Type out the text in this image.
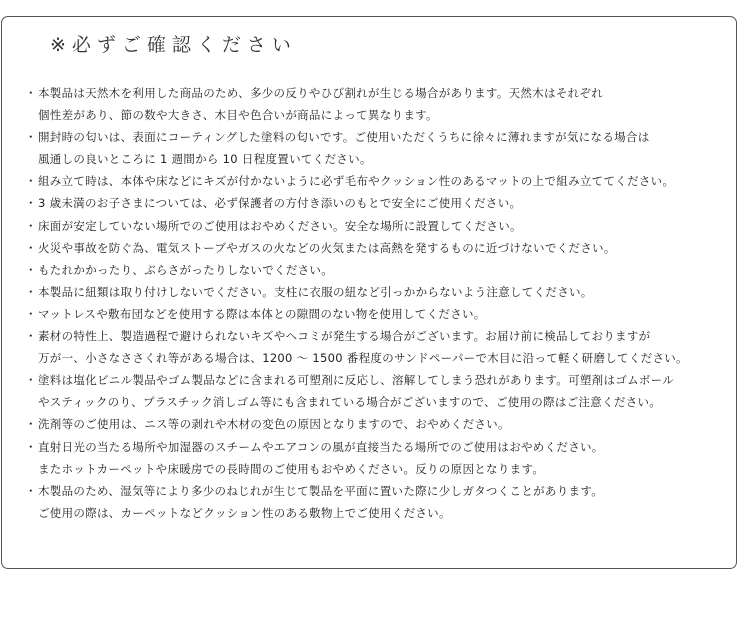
※必ずご確認ください
・本製品は天然木を利用した商品のため、多少の反りやひび割れが生じる場合があります。天然木はそれぞれ
個性差があり、節の数や大きさ、木目や色合いが商品によって異なります。
・開封時の匂いは、表面にコーティングした塗料の匂いです。ご使用いただくうちに徐々に薄れますが気になる場合は
風通しの良いところに 1 週間から 10 日程度置いてください。
・組み立て時は、本体や床などにキズが付かないように必ず毛布やクッション性のあるマットの上で組み立ててください。
・3 歳未満のお子さまについては、必ず保護者の方付き添いのもとで安全にご使用ください。
・床面が安定していない場所でのご使用はおやめください。安全な場所に設置してください。
・火災や事故を防ぐ為、電気ストーブやガスの火などの火気または高熱を発するものに近づけないでください。
・もたれかかったり、ぶらさがったりしないでください。
・本製品に紐類は取り付けしないでください。支柱に衣服の紐など引っかからないよう注意してください。
・マットレスや敷布団などを使用する際は本体との隙間のない物を使用してください。
・素材の特性上、製造過程で避けられないキズやヘコミが発生する場合がございます。お届け前に検品しておりますが
万が一、小さなささくれ等がある場合は、1200 ～ 1500 番程度のサンドペーパーで木目に沿って軽く研磨してください。
・塗料は塩化ビニル製品やゴム製品などに含まれる可塑剤に反応し、溶解してしまう恐れがあります。可塑剤はゴムボール
やスティックのり、プラスチック消しゴム等にも含まれている場合がございますので、ご使用の際はご注意ください。
・洗剤等のご使用は、ニス等の剥れや木材の変色の原因となりますので、おやめください。
・直射日光の当たる場所や加湿器のスチームやエアコンの風が直接当たる場所でのご使用はおやめください。
またホットカーペットや床暖房での長時間のご使用もおやめください。反りの原因となります。
・木製品のため、湿気等により多少のねじれが生じて製品を平面に置いた際に少しガタつくことがあります。
ご使用の際は、カーペットなどクッション性のある敷物上でご使用ください。
